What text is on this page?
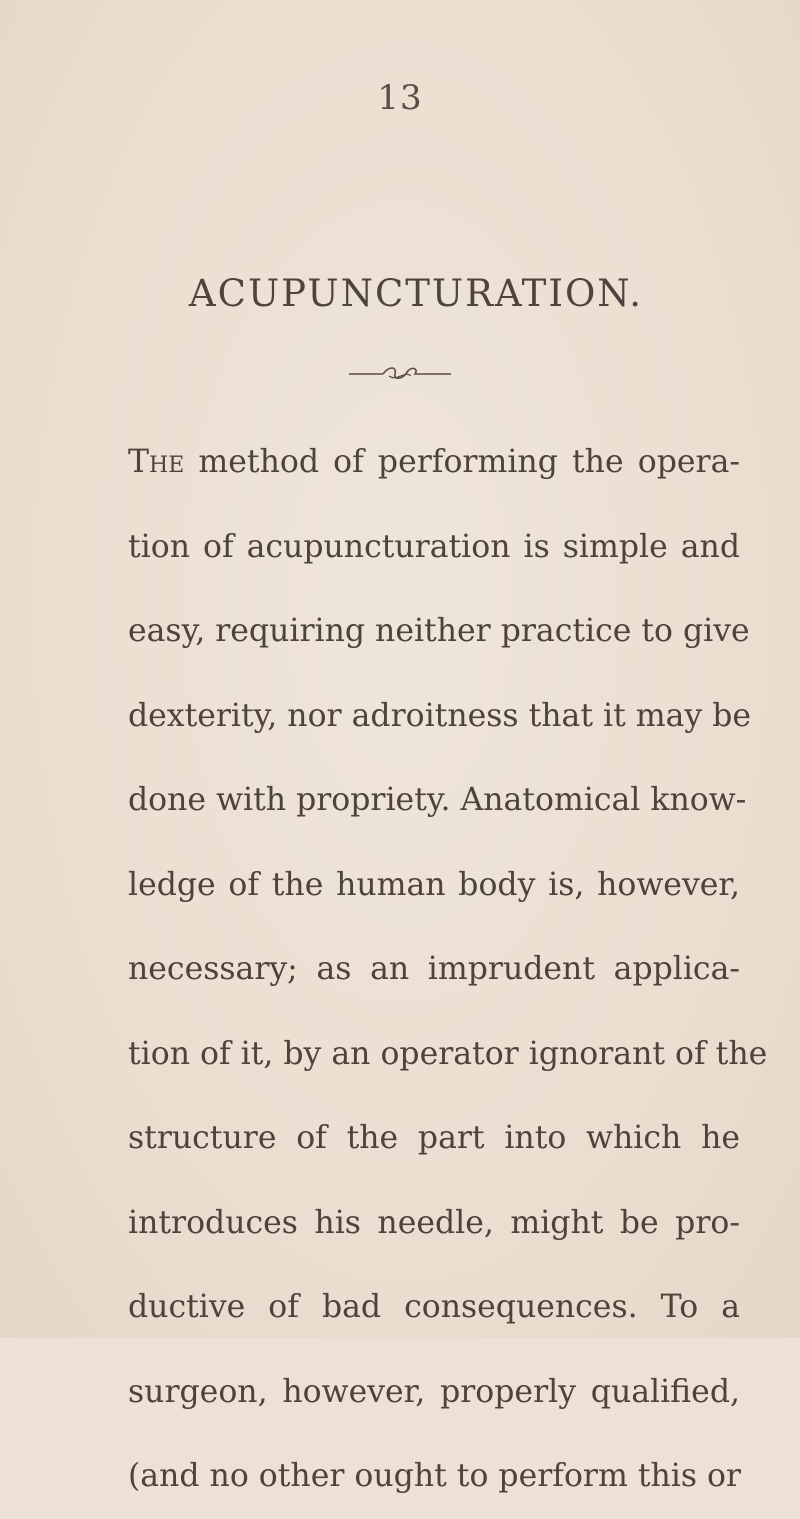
13
ACUPUNCTURATION.
The method of performing the opera-
tion of acupuncturation is simple and
easy, requiring neither practice to give
dexterity, nor adroitness that it may be
done with propriety. Anatomical know-
ledge of the human body is, however,
necessary; as an imprudent applica-
tion of it, by an operator ignorant of the
structure of the part into which he
introduces his needle, might be pro-
ductive of bad consequences. To a
surgeon, however, properly qualified,
(and no other ought to perform this or
